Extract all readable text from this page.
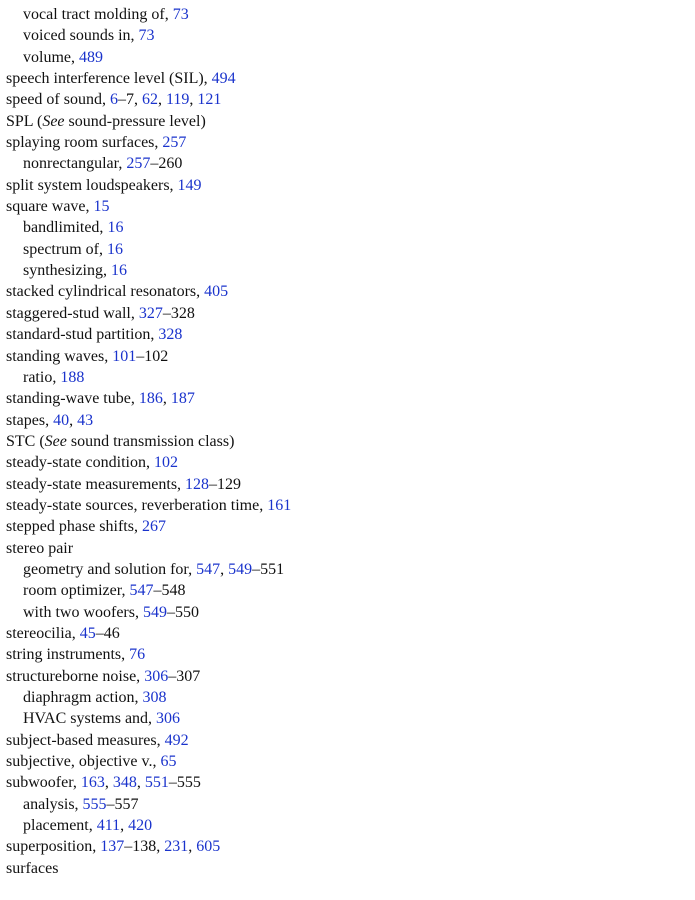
vocal tract molding of, 73
voiced sounds in, 73
volume, 489
speech interference level (SIL), 494
speed of sound, 6–7, 62, 119, 121
SPL (See sound-pressure level)
splaying room surfaces, 257
nonrectangular, 257–260
split system loudspeakers, 149
square wave, 15
bandlimited, 16
spectrum of, 16
synthesizing, 16
stacked cylindrical resonators, 405
staggered-stud wall, 327–328
standard-stud partition, 328
standing waves, 101–102
ratio, 188
standing-wave tube, 186, 187
stapes, 40, 43
STC (See sound transmission class)
steady-state condition, 102
steady-state measurements, 128–129
steady-state sources, reverberation time, 161
stepped phase shifts, 267
stereo pair
geometry and solution for, 547, 549–551
room optimizer, 547–548
with two woofers, 549–550
stereocilia, 45–46
string instruments, 76
structureborne noise, 306–307
diaphragm action, 308
HVAC systems and, 306
subject-based measures, 492
subjective, objective v., 65
subwoofer, 163, 348, 551–555
analysis, 555–557
placement, 411, 420
superposition, 137–138, 231, 605
surfaces
